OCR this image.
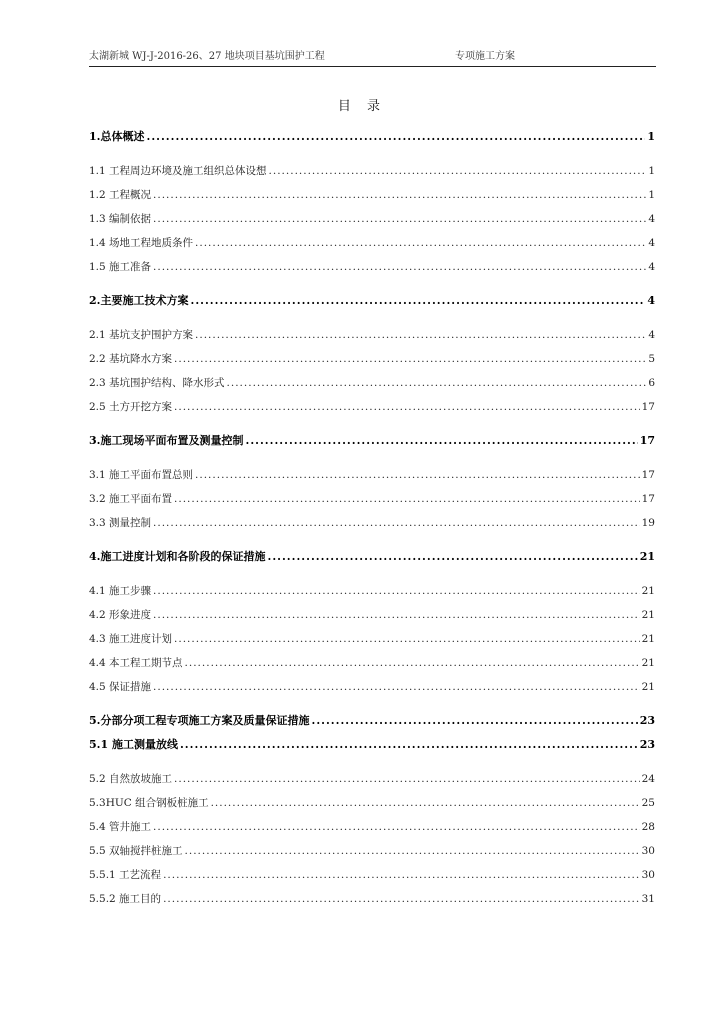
太湖新城 WJ-J-2016-26、27 地块项目基坑围护工程	专项施工方案
目 录
1.总体概述 .....	1
1.1 工程周边环境及施工组织总体设想 .....	1
1.2 工程概况 .....	1
1.3 编制依据 .....	4
1.4 场地工程地质条件 .....	4
1.5 施工准备 .....	4
2.主要施工技术方案 .....	4
2.1 基坑支护围护方案 .....	4
2.2 基坑降水方案 .....	5
2.3 基坑围护结构、降水形式 .....	6
2.5 土方开挖方案 .....	17
3.施工现场平面布置及测量控制 .....	17
3.1 施工平面布置总则 .....	17
3.2 施工平面布置 .....	17
3.3 测量控制 .....	19
4.施工进度计划和各阶段的保证措施 .....	21
4.1 施工步骤 .....	21
4.2 形象进度 .....	21
4.3 施工进度计划 .....	21
4.4 本工程工期节点 .....	21
4.5 保证措施 .....	21
5.分部分项工程专项施工方案及质量保证措施 .....	23
5.1 施工测量放线 .....	23
5.2 自然放坡施工 .....	24
5.3HUC 组合钢板桩施工 .....	25
5.4 管井施工 .....	28
5.5 双轴搅拌桩施工 .....	30
5.5.1 工艺流程 .....	30
5.5.2 施工目的 .....	31
